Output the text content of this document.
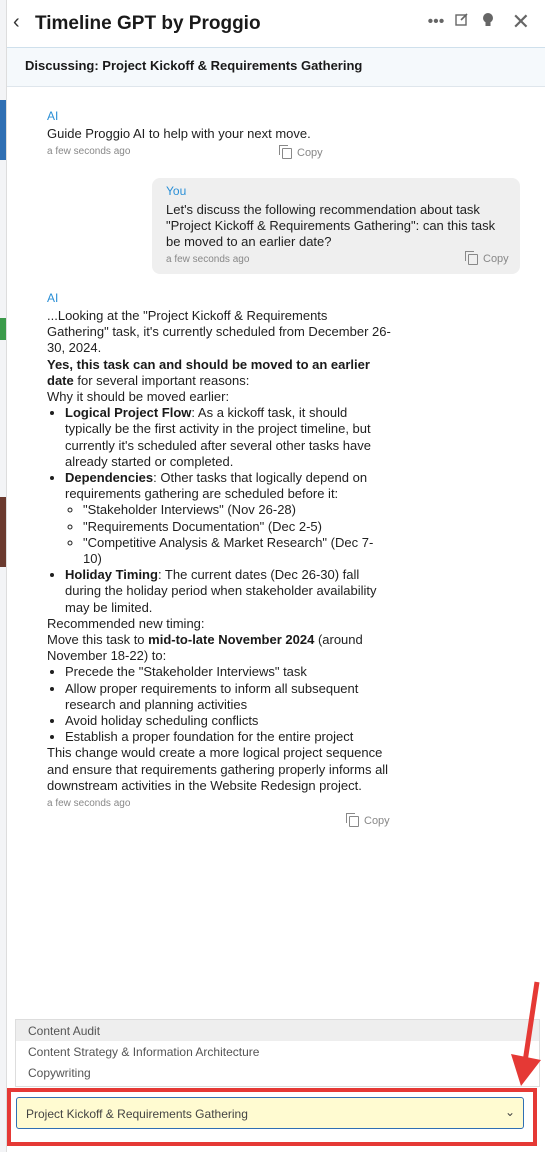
‹ Timeline GPT by Proggio	•••	✕
Discussing: Project Kickoff & Requirements Gathering
AI
Guide Proggio AI to help with your next move.
a few seconds ago	Copy
You
Let's discuss the following recommendation about task "Project Kickoff & Requirements Gathering": can this task be moved to an earlier date?
a few seconds ago	Copy
AI
...Looking at the "Project Kickoff & Requirements Gathering" task, it's currently scheduled from December 26-30, 2024.
Yes, this task can and should be moved to an earlier date for several important reasons:
Why it should be moved earlier:
• Logical Project Flow: As a kickoff task, it should typically be the first activity in the project timeline, but currently it's scheduled after several other tasks have already started or completed.
• Dependencies: Other tasks that logically depend on requirements gathering are scheduled before it:
◦ "Stakeholder Interviews" (Nov 26-28)
◦ "Requirements Documentation" (Dec 2-5)
◦ "Competitive Analysis & Market Research" (Dec 7-10)
• Holiday Timing: The current dates (Dec 26-30) fall during the holiday period when stakeholder availability may be limited.
Recommended new timing:
Move this task to mid-to-late November 2024 (around November 18-22) to:
• Precede the "Stakeholder Interviews" task
• Allow proper requirements to inform all subsequent research and planning activities
• Avoid holiday scheduling conflicts
• Establish a proper foundation for the entire project
This change would create a more logical project sequence and ensure that requirements gathering properly informs all downstream activities in the Website Redesign project.
a few seconds ago
Copy
Content Audit
Content Strategy & Information Architecture
Copywriting
Project Kickoff & Requirements Gathering	⌄
